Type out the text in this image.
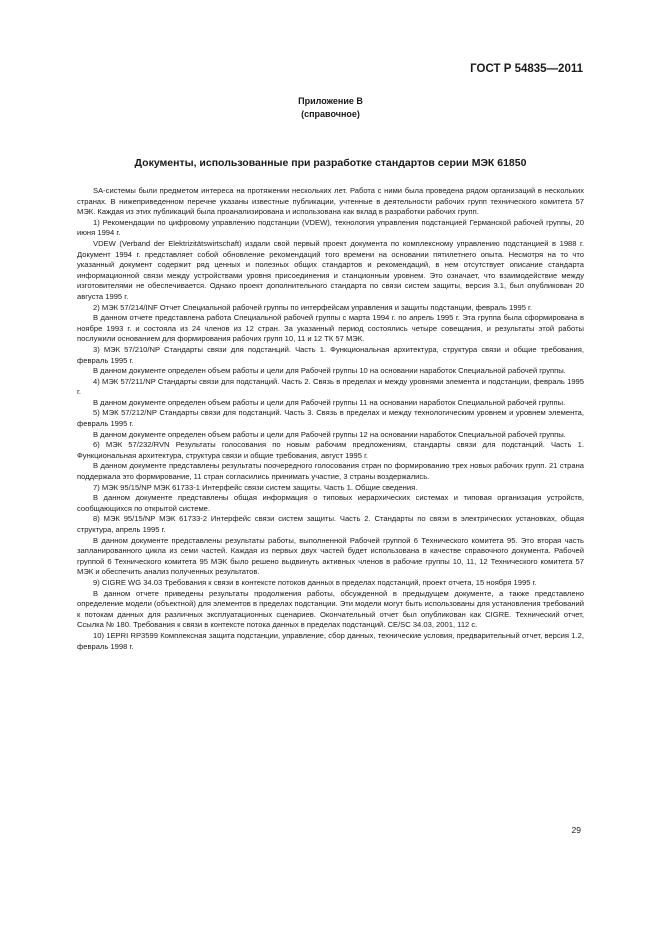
ГОСТ Р 54835—2011
Приложение В
(справочное)
Документы, использованные при разработке стандартов серии МЭК 61850

SA-системы были предметом интереса на протяжении нескольких лет. Работа с ними была проведена рядом организаций в нескольких странах. В нижеприведенном перечне указаны известные публикации, учтенные в деятельности рабочих групп технического комитета 57 МЭК. Каждая из этих публикаций была проанализирована и использована как вклад в разработки рабочих групп.

1) Рекомендации по цифровому управлению подстанции (VDEW), технология управления подстанцией Германской рабочей группы, 20 июня 1994 г.

VDEW (Verband der Elektrizitätswirtschaft) издали свой первый проект документа по комплексному управлению подстанцией в 1988 г. Документ 1994 г. представляет собой обновление рекомендаций того времени на основании пятилетнего опыта. Несмотря на то что указанный документ содержит ряд ценных и полезных общих стандартов и рекомендаций, в нем отсутствует описание стандарта информационной связи между устройствами уровня присоединения и станционным уровнем. Это означает, что взаимодействие между изготовителями не обеспечивается. Однако проект дополнительного стандарта по связи систем защиты, версия 3.1, был опубликован 20 августа 1995 г.

2) МЭК 57/214/INF Отчет Специальной рабочей группы по интерфейсам управления и защиты подстанции, февраль 1995 г.

В данном отчете представлена работа Специальной рабочей группы с марта 1994 г. по апрель 1995 г. Эта группа была сформирована в ноябре 1993 г. и состояла из 24 членов из 12 стран. За указанный период состоялись четыре совещания, и результаты этой работы послужили основанием для формирования рабочих групп 10, 11 и 12 ТК 57 МЭК.

3) МЭК 57/210/NP Стандарты связи для подстанций. Часть 1. Функциональная архитектура, структура связи и общие требования, февраль 1995 г.

В данном документе определен объем работы и цели для Рабочей группы 10 на основании наработок Специальной рабочей группы.

4) МЭК 57/211/NP Стандарты связи для подстанций. Часть 2. Связь в пределах и между уровнями элемента и подстанции, февраль 1995 г.

В данном документе определен объем работы и цели для Рабочей группы 11 на основании наработок Специальной рабочей группы.

5) МЭК 57/212/NP Стандарты связи для подстанций. Часть 3. Связь в пределах и между технологическим уровнем и уровнем элемента, февраль 1995 г.

В данном документе определен объем работы и цели для Рабочей группы 12 на основании наработок Специальной рабочей группы.

6) МЭК 57/232/RVN Результаты голосования по новым рабочим предложениям, стандарты связи для подстанций. Часть 1. Функциональная архитектура, структура связи и общие требования, август 1995 г.

В данном документе представлены результаты поочередного голосования стран по формированию трех новых рабочих групп. 21 страна поддержала это формирование, 11 стран согласились принимать участие, 3 страны воздержались.

7) МЭК 95/15/NP МЭК 61733-1 Интерфейс связи систем защиты. Часть 1. Общие сведения.

В данном документе представлены общая информация о типовых иерархических системах и типовая организация устройств, сообщающихся по открытой системе.

8) МЭК 95/15/NP МЭК 61733-2 Интерфейс связи систем защиты. Часть 2. Стандарты по связи в электрических установках, общая структура, апрель 1995 г.

В данном документе представлены результаты работы, выполненной Рабочей группой 6 Технического комитета 95. Это вторая часть запланированного цикла из семи частей. Каждая из первых двух частей будет использована в качестве справочного документа. Рабочей группой 6 Технического комитета 95 МЭК было решено выдвинуть активных членов в рабочие группы 10, 11, 12 Технического комитета 57 МЭК и обеспечить анализ полученных результатов.

9) CIGRE WG 34.03 Требования к связи в контексте потоков данных в пределах подстанций, проект отчета, 15 ноября 1995 г.

В данном отчете приведены результаты продолжения работы, обсужденной в предыдущем документе, а также представлено определение модели (объектной) для элементов в пределах подстанции. Эти модели могут быть использованы для установления требований к потокам данных для различных эксплуатационных сценариев. Окончательный отчет был опубликован как CIGRE. Технический отчет, Ссылка № 180. Требования к связи в контексте потока данных в пределах подстанций. CE/SC 34.03, 2001, 112 с.

10) 1EPRI RP3599 Комплексная защита подстанции, управление, сбор данных, технические условия, предварительный отчет, версия 1.2, февраль 1998 г.

29
